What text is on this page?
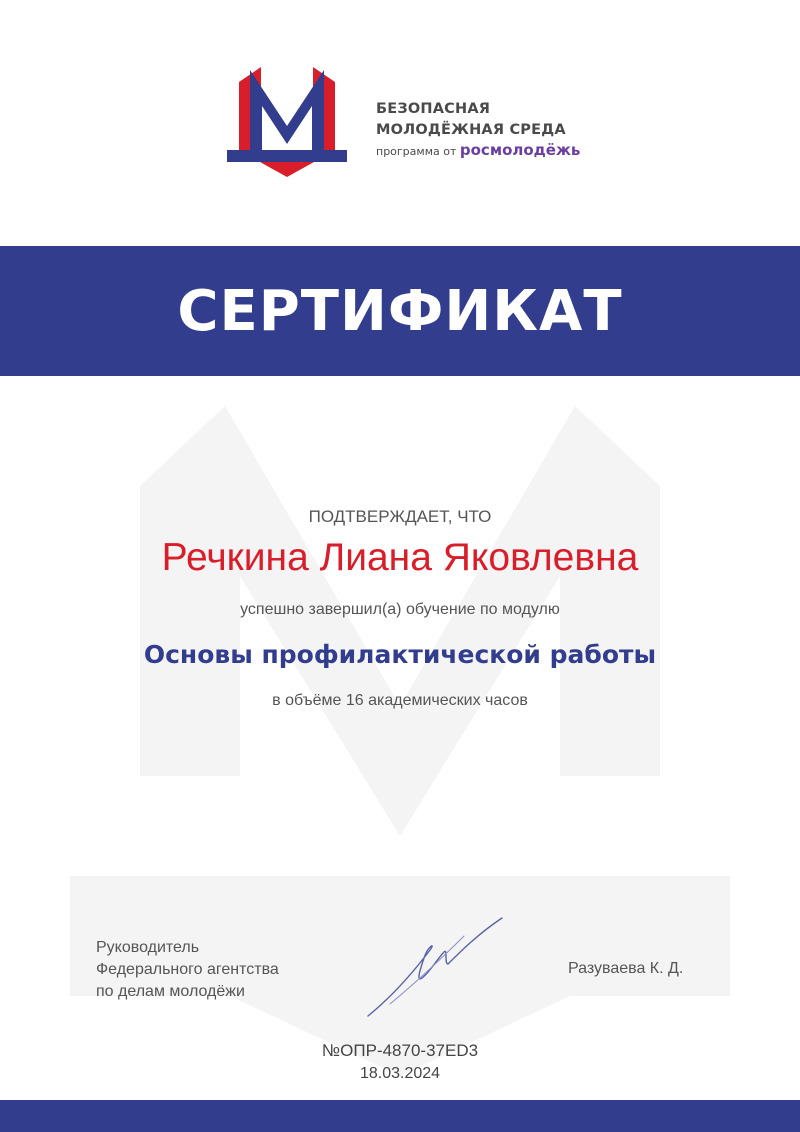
БЕЗОПАСНАЯ
МОЛОДЁЖНАЯ СРЕДА
программа от росмолодёжь
СЕРТИФИКАТ
ПОДТВЕРЖДАЕТ, ЧТО
Речкина Лиана Яковлевна
успешно завершил(а) обучение по модулю
Основы профилактической работы
в объёме 16 академических часов
Руководитель
Федерального агентства
по делам молодёжи
Разуваева К. Д.
№ОПР-4870-37ED3
18.03.2024
